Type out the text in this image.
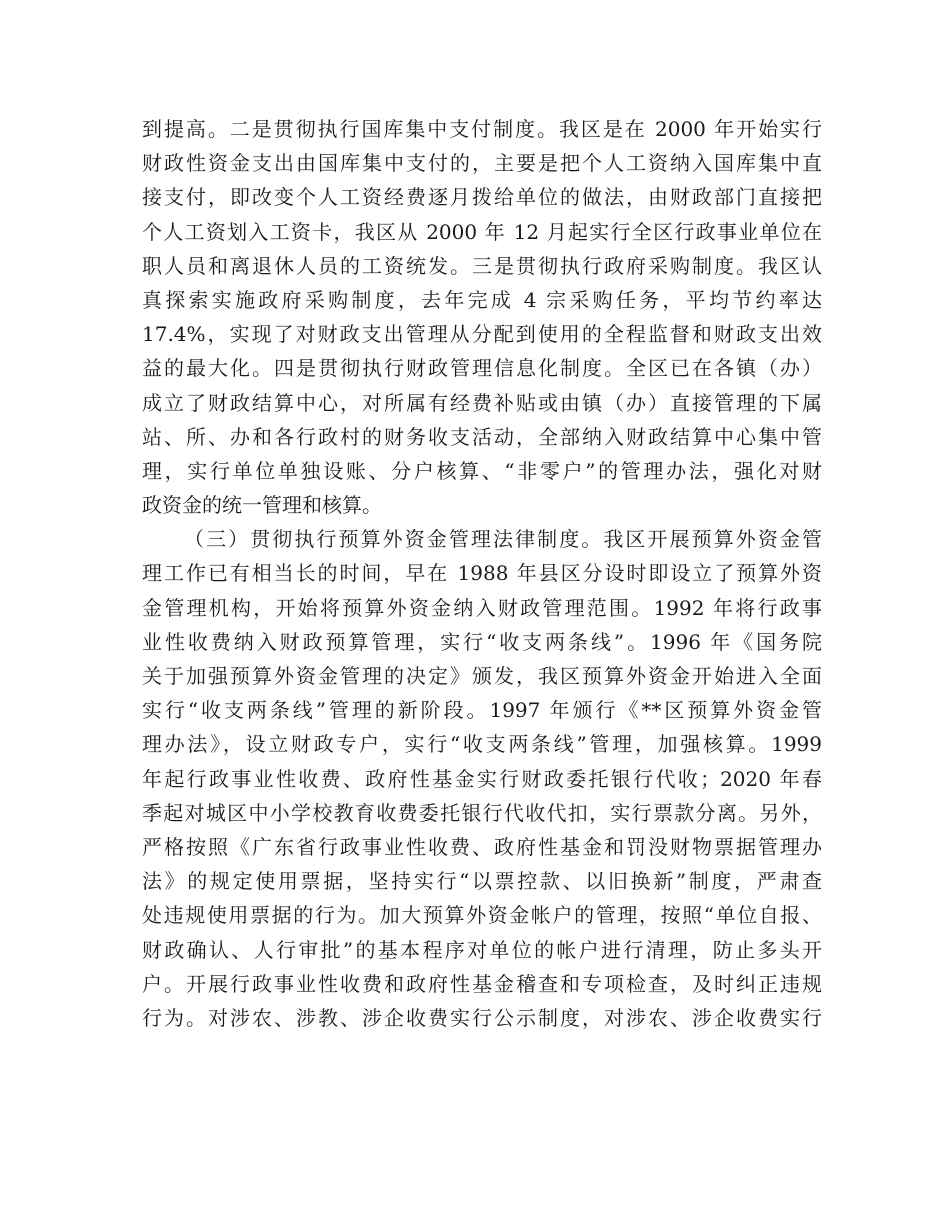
到提高。二是贯彻执行国库集中支付制度。我区是在 2000 年开始实行
财政性资金支出由国库集中支付的，主要是把个人工资纳入国库集中直
接支付，即改变个人工资经费逐月拨给单位的做法，由财政部门直接把
个人工资划入工资卡，我区从 2000 年 12 月起实行全区行政事业单位在
职人员和离退休人员的工资统发。三是贯彻执行政府采购制度。我区认
真探索实施政府采购制度，去年完成 4 宗采购任务，平均节约率达
17.4%，实现了对财政支出管理从分配到使用的全程监督和财政支出效
益的最大化。四是贯彻执行财政管理信息化制度。全区已在各镇（办）
成立了财政结算中心，对所属有经费补贴或由镇（办）直接管理的下属
站、所、办和各行政村的财务收支活动，全部纳入财政结算中心集中管
理，实行单位单独设账、分户核算、“非零户”的管理办法，强化对财
政资金的统一管理和核算。
（三）贯彻执行预算外资金管理法律制度。我区开展预算外资金管
理工作已有相当长的时间，早在 1988 年县区分设时即设立了预算外资
金管理机构，开始将预算外资金纳入财政管理范围。1992 年将行政事
业性收费纳入财政预算管理，实行“收支两条线”。1996 年《国务院
关于加强预算外资金管理的决定》颁发，我区预算外资金开始进入全面
实行“收支两条线”管理的新阶段。1997 年颁行《**区预算外资金管
理办法》，设立财政专户，实行“收支两条线”管理，加强核算。1999
年起行政事业性收费、政府性基金实行财政委托银行代收；2020 年春
季起对城区中小学校教育收费委托银行代收代扣，实行票款分离。另外，
严格按照《广东省行政事业性收费、政府性基金和罚没财物票据管理办
法》的规定使用票据，坚持实行“以票控款、以旧换新”制度，严肃查
处违规使用票据的行为。加大预算外资金帐户的管理，按照“单位自报、
财政确认、人行审批”的基本程序对单位的帐户进行清理，防止多头开
户。开展行政事业性收费和政府性基金稽查和专项检查，及时纠正违规
行为。对涉农、涉教、涉企收费实行公示制度，对涉农、涉企收费实行
